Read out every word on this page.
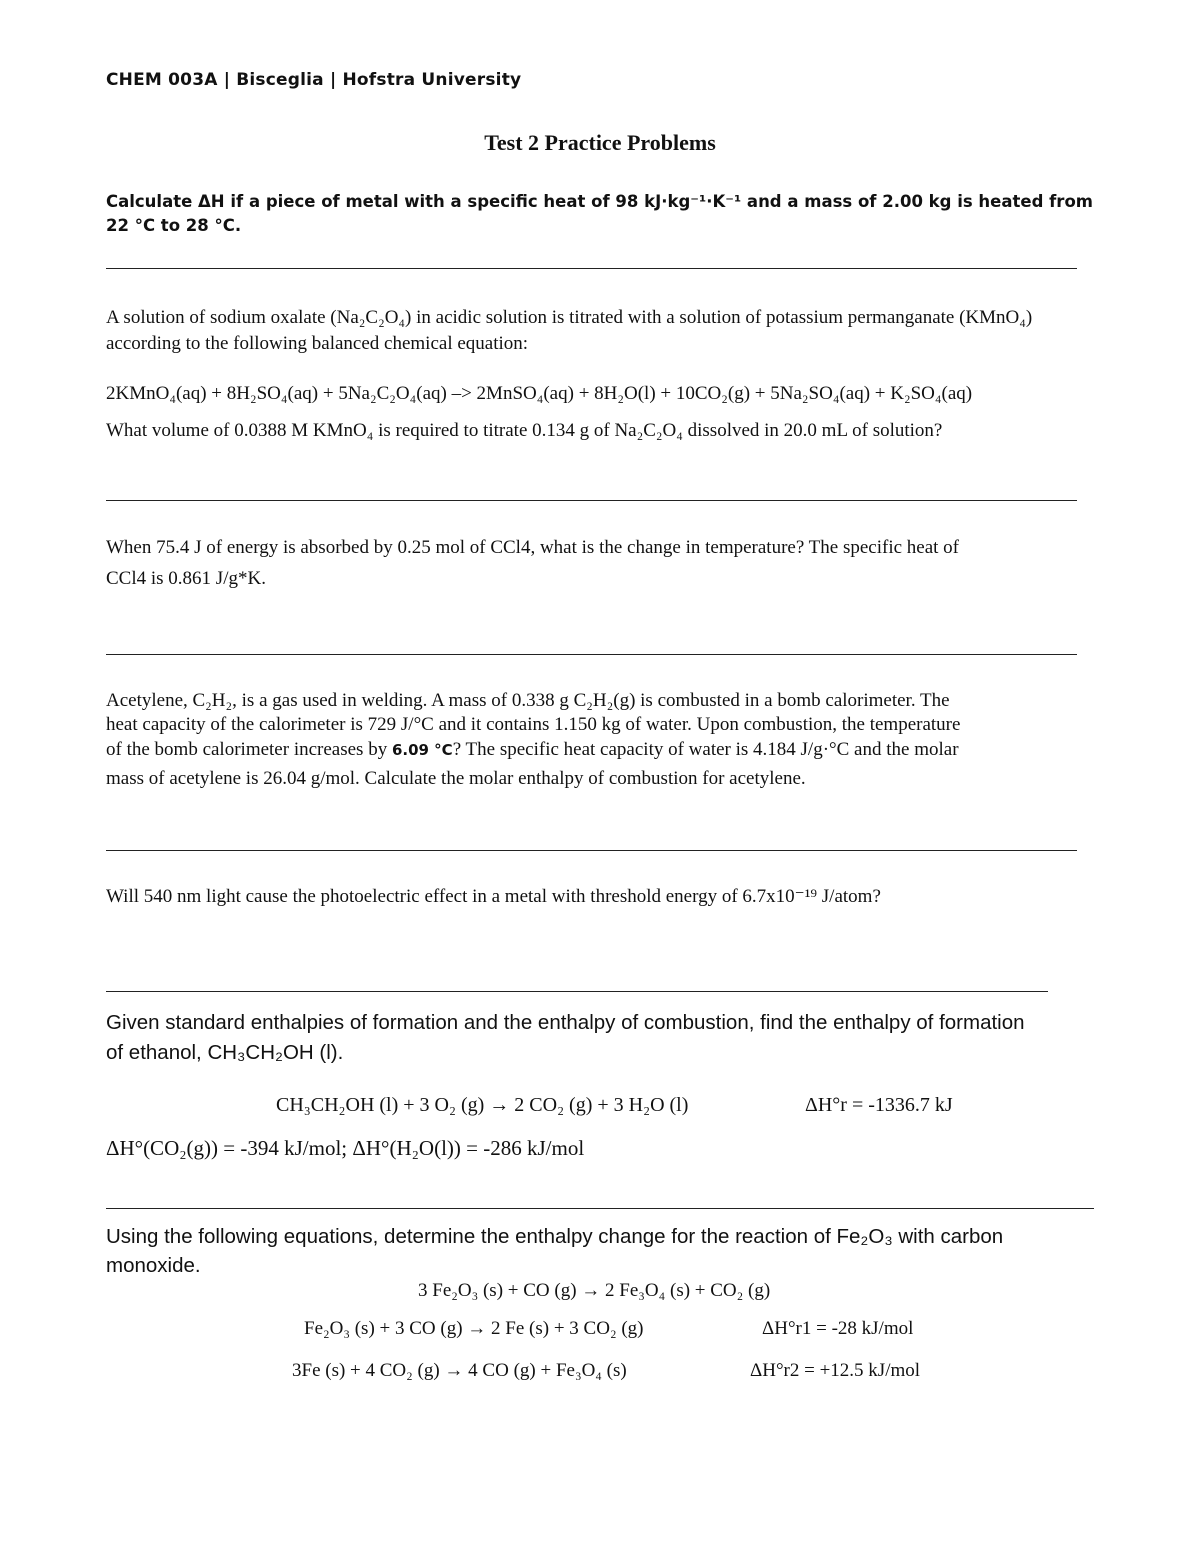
CHEM 003A | Bisceglia | Hofstra University
Test 2 Practice Problems
Calculate ΔH if a piece of metal with a specific heat of 98 kJ·kg⁻¹·K⁻¹ and a mass of 2.00 kg is heated from 22 °C to 28 °C.
A solution of sodium oxalate (Na₂C₂O₄) in acidic solution is titrated with a solution of potassium permanganate (KMnO₄) according to the following balanced chemical equation:
2KMnO₄(aq) + 8H₂SO₄(aq) + 5Na₂C₂O₄(aq) –> 2MnSO₄(aq) + 8H₂O(l) + 10CO₂(g) + 5Na₂SO₄(aq) + K₂SO₄(aq)
What volume of 0.0388 M KMnO₄ is required to titrate 0.134 g of Na₂C₂O₄ dissolved in 20.0 mL of solution?
When 75.4 J of energy is absorbed by 0.25 mol of CCl4, what is the change in temperature? The specific heat of
CCl4 is 0.861 J/g*K.
Acetylene, C₂H₂, is a gas used in welding. A mass of 0.338 g C₂H₂(g) is combusted in a bomb calorimeter. The
heat capacity of the calorimeter is 729 J/°C and it contains 1.150 kg of water. Upon combustion, the temperature
of the bomb calorimeter increases by 6.09 °C? The specific heat capacity of water is 4.184 J/g·°C and the molar
mass of acetylene is 26.04 g/mol. Calculate the molar enthalpy of combustion for acetylene.
Will 540 nm light cause the photoelectric effect in a metal with threshold energy of 6.7x10⁻¹⁹ J/atom?
Given standard enthalpies of formation and the enthalpy of combustion, find the enthalpy of formation
of ethanol, CH₃CH₂OH (l).
CH₃CH₂OH (l) + 3 O₂ (g) → 2 CO₂ (g) + 3 H₂O (l)	ΔH°r = -1336.7 kJ
ΔH°(CO₂(g)) = -394 kJ/mol; ΔH°(H₂O(l)) = -286 kJ/mol
Using the following equations, determine the enthalpy change for the reaction of Fe₂O₃ with carbon
monoxide.
3 Fe₂O₃ (s) + CO (g) → 2 Fe₃O₄ (s) + CO₂ (g)
Fe₂O₃ (s) + 3 CO (g) → 2 Fe (s) + 3 CO₂ (g)	ΔH°r1 = -28 kJ/mol
3Fe (s) + 4 CO₂ (g) → 4 CO (g) + Fe₃O₄ (s)	ΔH°r2 = +12.5 kJ/mol
